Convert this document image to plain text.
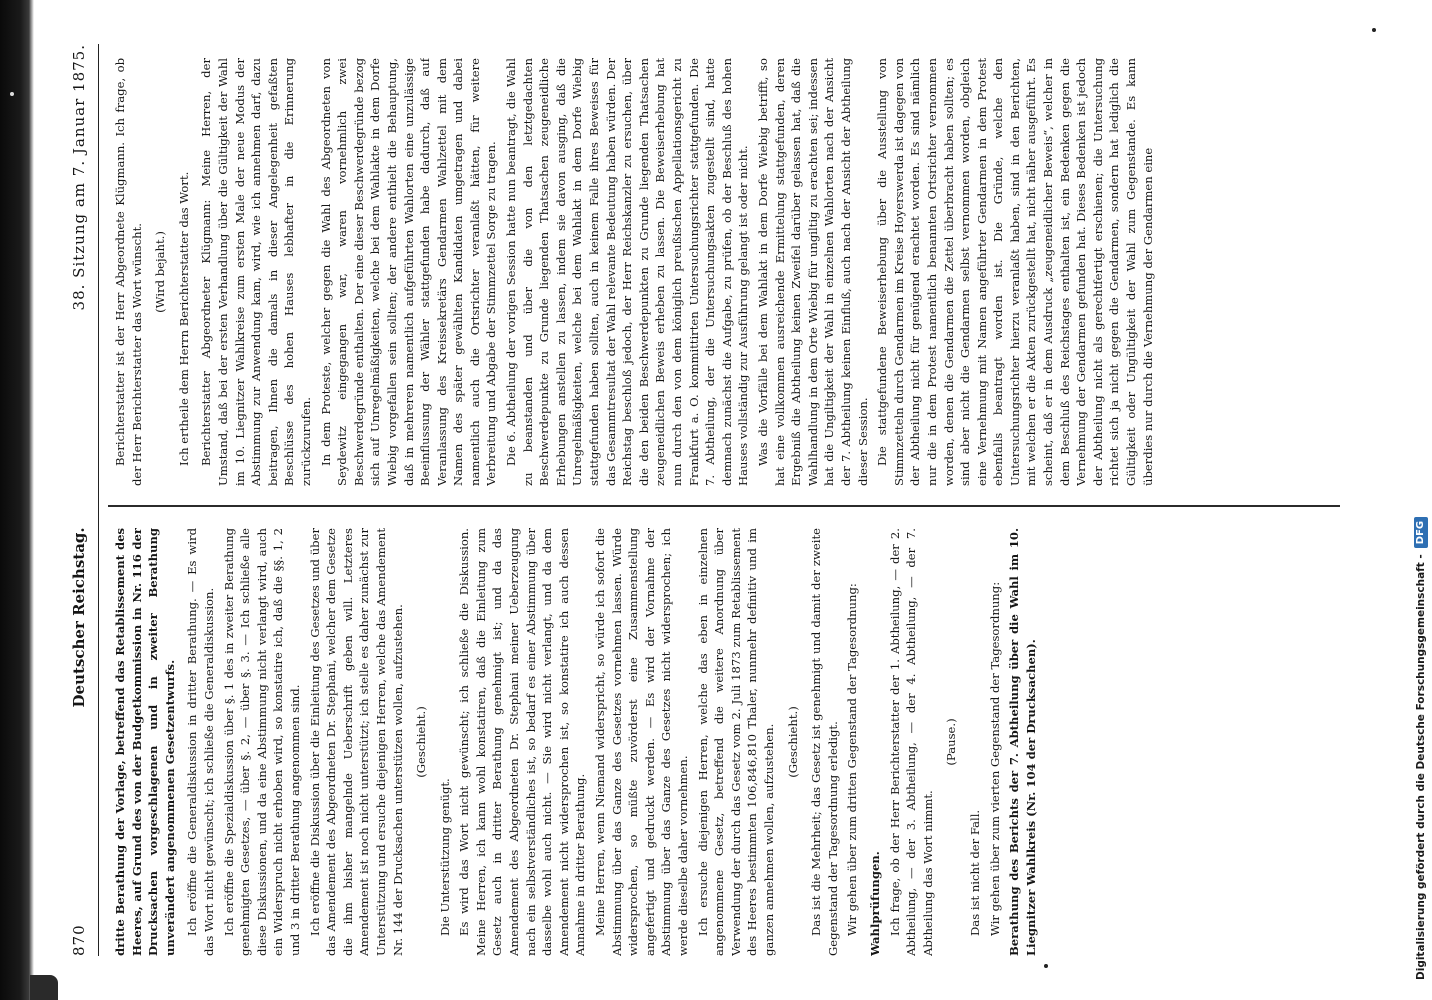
870
Deutscher Reichstag.
38. Sitzung am 7. Januar 1875.

dritte Berathung der Vorlage, betreffend das Retablissement des Heeres, auf Grund des von der Budgetkommission in Nr. 116 der Drucksachen vorgeschlagenen und in zweiter Berathung unverändert angenommenen Gesetzentwurfs. Ich eröffne die Generaldiskussion in dritter Berathung. — Es wird das Wort nicht gewünscht; ich schließe die Generaldiskussion. Ich eröffne die Spezialdiskussion über §. 1 des in zweiter Berathung genehmigten Gesetzes, — über §. 2, — über §. 3. — Ich schließe alle diese Diskussionen, und da eine Abstimmung nicht verlangt wird, auch ein Widerspruch nicht erhoben wird, so konstatire ich, daß die §§. 1, 2 und 3 in dritter Berathung angenommen sind. Ich eröffne die Diskussion über die Einleitung des Gesetzes und über das Amendement des Abgeordneten Dr. Stephani, welcher dem Gesetze die ihm bisher mangelnde Ueberschrift geben will. Letzteres Amendement ist noch nicht unterstützt; ich stelle es daher zunächst zur Unterstützung und ersuche diejenigen Herren, welche das Amendement Nr. 144 der Drucksachen unterstützen wollen, aufzustehen. (Geschieht.)

Die Unterstützung genügt. Es wird das Wort nicht gewünscht; ich schließe die Diskussion. Meine Herren, ich kann wohl konstatiren, daß die Einleitung zum Gesetz auch in dritter Berathung genehmigt ist; und da das Amendement des Abgeordneten Dr. Stephani meiner Ueberzeugung nach ein selbstverständliches ist, so bedarf es einer Abstimmung über dasselbe wohl auch nicht. — Sie wird nicht verlangt, und da dem Amendement nicht widersprochen ist, so konstatire ich auch dessen Annahme in dritter Berathung. Meine Herren, wenn Niemand widerspricht, so würde ich sofort die Abstimmung über das Ganze des Gesetzes vornehmen lassen. Würde widersprochen, so müßte zuvörderst eine Zusammenstellung angefertigt und gedruckt werden. — Es wird der Vornahme der Abstimmung über das Ganze des Gesetzes nicht widersprochen; ich werde dieselbe daher vornehmen. Ich ersuche diejenigen Herren, welche das eben in einzelnen angenommene Gesetz, betreffend die weitere Anordnung über Verwendung der durch das Gesetz vom 2. Juli 1873 zum Retablissement des Heeres bestimmten 106,846,810 Thaler, nunmehr definitiv und im ganzen annehmen wollen, aufzustehen. (Geschieht.) Das ist die Mehrheit; das Gesetz ist genehmigt und damit der zweite Gegenstand der Tagesordnung erledigt. Wir gehen über zum dritten Gegenstand der Tagesordnung: Wahlprüfungen. Ich frage, ob der Herr Berichterstatter der 1. Abtheilung, — der 2. Abtheilung, — der 3. Abtheilung, — der 4. Abtheilung, — der 7. Abtheilung das Wort nimmt.

(Pause.)

Das ist nicht der Fall. Wir gehen über zum vierten Gegenstand der Tagesordnung: Berathung des Berichts der 7. Abtheilung über die Wahl im 10. Liegnitzer Wahlkreis (Nr. 104 der Drucksachen).

Berichterstatter ist der Herr Abgeordnete Klügmann. Ich frage, ob der Herr Berichterstatter das Wort wünscht. (Wird bejaht.) Ich ertheile dem Herrn Berichterstatter das Wort. Berichterstatter Abgeordneter Klügmann: Meine Herren, der Umstand, daß bei der ersten Verhandlung über die Gültigkeit der Wahl im 10. Liegnitzer Wahlkreise zum ersten Male der neue Modus der Abstimmung zur Anwendung kam, wird, wie ich annehmen darf, dazu beitragen, Ihnen die damals in dieser Angelegenheit gefaßten Beschlüsse des hohen Hauses lebhafter in die Erinnerung zurückzurufen. In dem Proteste, welcher gegen die Wahl des Abgeordneten von Seydewitz eingegangen war, waren vornehmlich zwei Beschwerdegründe enthalten. Der eine dieser Beschwerdegründe bezog sich auf Unregelmäßigkeiten, welche bei dem Wahlakte in dem Dorfe Wiebig vorgefallen sein sollten; der andere enthielt die Behauptung, daß in mehreren namentlich aufgeführten Wahlorten eine unzulässige Beeinflussung der Wähler stattgefunden habe dadurch, daß auf Veranlassung des Kreissekretärs Gendarmen Wahlzettel mit dem Namen des später gewählten Kandidaten umgetragen und dabei namentlich auch die Ortsrichter veranlaßt hätten, für weitere Verbreitung und Abgabe der Stimmzettel Sorge zu tragen. Die 6. Abtheilung der vorigen Session hatte nun beantragt, die Wahl zu beanstanden und über die von den letztgedachten Beschwerdepunkte zu Grunde liegenden Thatsachen zeugeneidliche Erhebungen anstellen zu lassen, indem sie davon ausging, daß die Unregelmäßigkeiten, welche bei dem Wahlakt in dem Dorfe Wiebig stattgefunden haben sollten, auch in keinem Falle ihres Beweises für das Gesammtresultat der Wahl relevante Bedeutung haben würden. Der Reichstag beschloß jedoch, der Herr Reichskanzler zu ersuchen, über die den beiden Beschwerdepunkten zu Grunde liegenden Thatsachen zeugeneidlichen Beweis erheben zu lassen. Die Beweiserhebung hat nun durch den von dem königlich preußischen Appellationsgericht zu Frankfurt a. O. kommittirten Untersuchungsrichter stattgefunden. Die 7. Abtheilung, der die Untersuchungsakten zugestellt sind, hatte demnach zunächst die Aufgabe, zu prüfen, ob der Beschluß des hohen Hauses vollständig zur Ausführung gelangt ist oder nicht. Was die Vorfälle bei dem Wahlakt in dem Dorfe Wiebig betrifft, so hat eine vollkommen ausreichende Ermittelung stattgefunden, deren Ergebniß die Abtheilung keinen Zweifel darüber gelassen hat, daß die Wahlhandlung in dem Orte Wiebig für ungiltig zu erachten sei; indessen hat die Ungiltigkeit der Wahl in einzelnen Wahlorten nach der Ansicht der 7. Abtheilung keinen Einfluß, auch nach der Ansicht der Abtheilung dieser Session. Die stattgefundene Beweiserhebung über die Ausstellung von Stimmzetteln durch Gendarmen im Kreise Hoyerswerda ist dagegen von der Abtheilung nicht für genügend erachtet worden. Es sind nämlich nur die in dem Protest namentlich benannten Ortsrichter vernommen worden, denen die Gendarmen die Zettel überbracht haben sollten; es sind aber nicht die Gendarmen selbst vernommen worden, obgleich eine Vernehmung mit Namen angeführter Gendarmen in dem Protest ebenfalls beantragt worden ist. Die Gründe, welche den Untersuchungsrichter hierzu veranlaßt haben, sind in den Berichten, mit welchen er die Akten zurückgestellt hat, nicht näher ausgeführt. Es scheint, daß er in dem Ausdruck „zeugeneidlicher Beweis“, welcher in dem Beschluß des Reichstages enthalten ist, ein Bedenken gegen die Vernehmung der Gendarmen gefunden hat. Dieses Bedenken ist jedoch der Abtheilung nicht als gerechtfertigt erschienen; die Untersuchung richtet sich ja nicht gegen die Gendarmen, sondern hat lediglich die Gültigkeit oder Ungültigkeit der Wahl zum Gegenstande. Es kann überdies nur durch die Vernehmung der Gendarmen eine

Digitalisierung gefördert durch die Deutsche Forschungsgemeinschaft -
DFG
